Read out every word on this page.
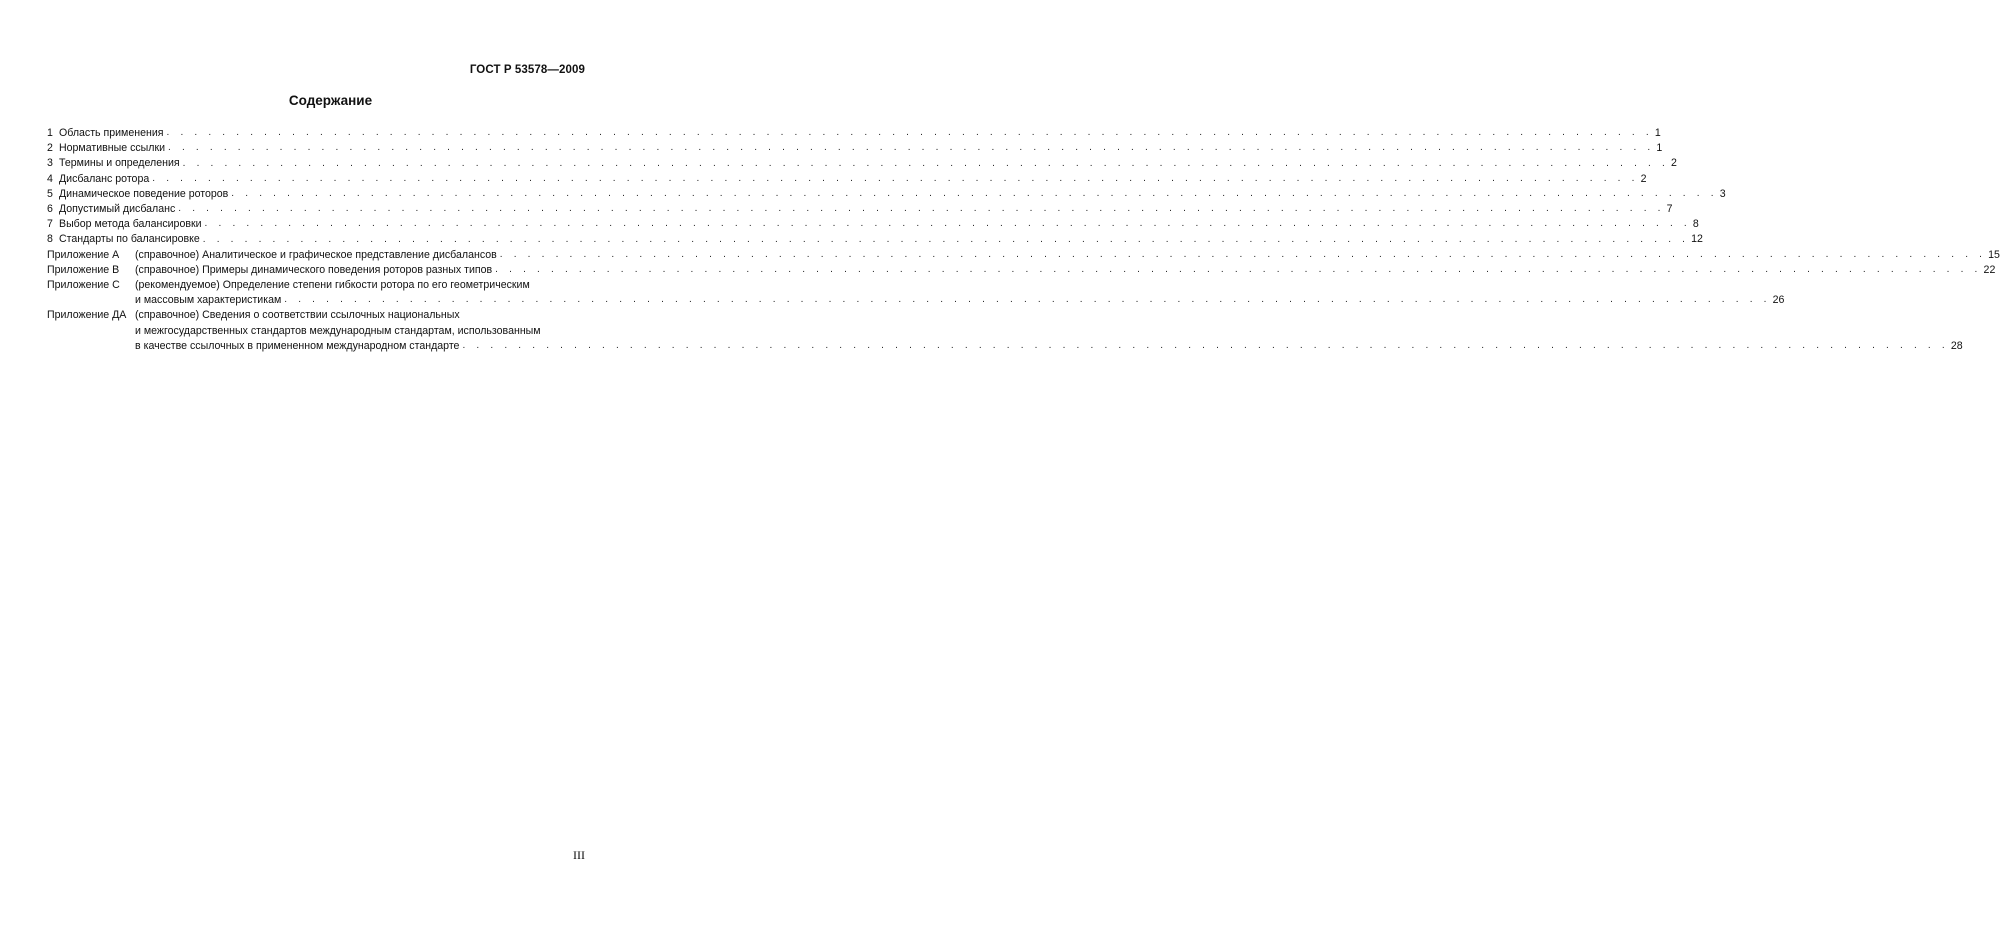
ГОСТ Р 53578—2009
Содержание
1 Область применения . . .	1
2 Нормативные ссылки . . .	1
3 Термины и определения . . .	2
4 Дисбаланс ротора . . .	2
5 Динамическое поведение роторов . . .	3
6 Допустимый дисбаланс . . .	7
7 Выбор метода балансировки . . .	8
8 Стандарты по балансировке . . .	12
Приложение А	(справочное) Аналитическое и графическое представление дисбалансов . . .	15
Приложение В	(справочное) Примеры динамического поведения роторов разных типов . . .	22
Приложение С	(рекомендуемое) Определение степени гибкости ротора по его геометрическим
и массовым характеристикам . . .	26
Приложение ДА (справочное) Сведения о соответствии ссылочных национальных
и межгосударственных стандартов международным стандартам, использованным
в качестве ссылочных в примененном международном стандарте . . .	28
III
